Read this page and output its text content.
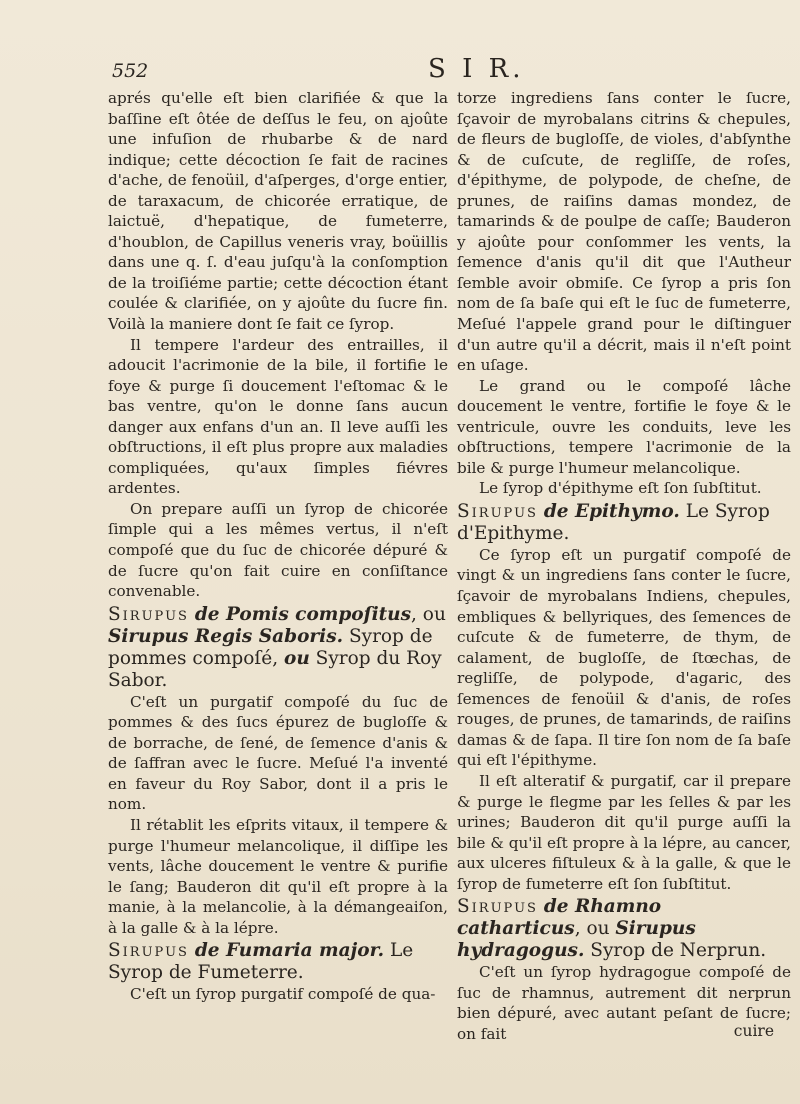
552	S I R.

aprés qu'elle eſt bien clarifiée & que la baſſine eſt ôtée de deſſus le feu, on ajoûte une infuſion de rhubarbe & de nard indique; cette décoction ſe fait de racines d'ache, de fenoüil, d'aſperges, d'orge entier, de taraxacum, de chicorée erratique, de laictuë, d'hepatique, de fumeterre, d'houblon, de Capillus veneris vray, boüillis dans une q. ſ. d'eau juſqu'à la conſomption de la troiſiéme partie; cette décoction étant coulée & clarifiée, on y ajoûte du ſucre fin. Voilà la maniere dont ſe fait ce ſyrop.

Il tempere l'ardeur des entrailles, il adoucit l'acrimonie de la bile, il fortifie le foye & purge ſi doucement l'eſtomac & le bas ventre, qu'on le donne ſans aucun danger aux enfans d'un an. Il leve auſſi les obſtructions, il eſt plus propre aux maladies compliquées, qu'aux ſimples fiévres ardentes.

On prepare auſſi un ſyrop de chicorée ſimple qui a les mêmes vertus, il n'eſt compoſé que du ſuc de chicorée dépuré & de ſucre qu'on fait cuire en conſiſtance convenable.

Sirupus de Pomis compoſitus, ou Sirupus Regis Saboris. Syrop de pommes compoſé, ou Syrop du Roy Sabor.

C'eſt un purgatif compoſé du ſuc de pommes & des ſucs épurez de bugloſſe & de borrache, de ſené, de ſemence d'anis & de ſaffran avec le ſucre. Meſué l'a inventé en faveur du Roy Sabor, dont il a pris le nom.

Il rétablit les eſprits vitaux, il tempere & purge l'humeur melancolique, il diſſipe les vents, lâche doucement le ventre & purifie le ſang; Bauderon dit qu'il eſt propre à la manie, à la melancolie, à la démangeaiſon, à la galle & à la lépre.

Sirupus de Fumaria major. Le Syrop de Fumeterre.

C'eſt un ſyrop purgatif compoſé de qua-

torze ingrediens ſans conter le ſucre, ſçavoir de myrobalans citrins & chepules, de fleurs de bugloſſe, de violes, d'abſynthe & de cuſcute, de regliſſe, de roſes, d'épithyme, de polypode, de cheſne, de prunes, de raiſins damas mondez, de tamarinds & de poulpe de caſſe; Bauderon y ajoûte pour conſommer les vents, la ſemence d'anis qu'il dit que l'Autheur ſemble avoir obmiſe. Ce ſyrop a pris ſon nom de ſa baſe qui eſt le ſuc de fumeterre, Meſué l'appele grand pour le diſtinguer d'un autre qu'il a décrit, mais il n'eſt point en uſage.

Le grand ou le compoſé lâche doucement le ventre, fortifie le foye & le ventricule, ouvre les conduits, leve les obſtructions, tempere l'acrimonie de la bile & purge l'humeur melancolique.

Le ſyrop d'épithyme eſt ſon ſubſtitut.

Sirupus de Epithymo. Le Syrop d'Epithyme.

Ce ſyrop eſt un purgatif compoſé de vingt & un ingrediens ſans conter le ſucre, ſçavoir de myrobalans Indiens, chepules, embliques & bellyriques, des ſemences de cuſcute & de fumeterre, de thym, de calament, de bugloſſe, de ſtœchas, de regliſſe, de polypode, d'agaric, des ſemences de fenoüil & d'anis, de roſes rouges, de prunes, de tamarinds, de raiſins damas & de ſapa. Il tire ſon nom de ſa baſe qui eſt l'épithyme.

Il eſt alteratif & purgatif, car il prepare & purge le flegme par les ſelles & par les urines; Bauderon dit qu'il purge auſſi la bile & qu'il eſt propre à la lépre, au cancer, aux ulceres fiſtuleux & à la galle, & que le ſyrop de fumeterre eſt ſon ſubſtitut.

Sirupus de Rhamno catharticus, ou Sirupus hydragogus. Syrop de Nerprun.

C'eſt un ſyrop hydragogue compoſé de ſuc de rhamnus, autrement dit nerprun bien dépuré, avec autant peſant de ſucre; on fait	cuire
